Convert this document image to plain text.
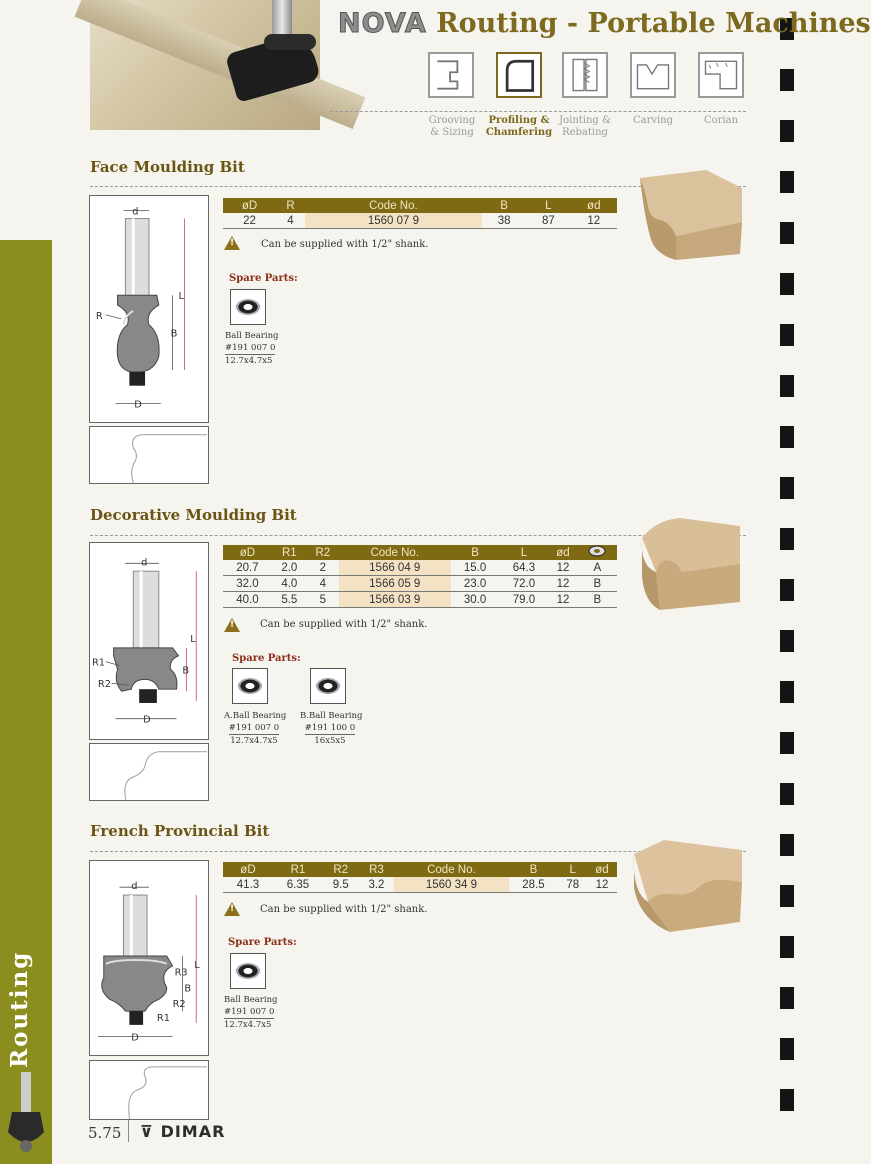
Routing
NOVA Routing - Portable Machines
Grooving
& Sizing
Profiling &
Chamfering
Jointing &
Rebating
Carving	Corian
Face Moulding Bit
d
L
B
R
D
øD	R	Code No.	B	L	ød
22	4	1560 07 9	38	87	12
!
Can be supplied with 1/2" shank.
Spare Parts:
Ball Bearing
#191 007 0
12.7x4.7x5
Decorative Moulding Bit
d
L
B
R1
R2
D
øD	R1	R2	Code No.	B	L	ød	
20.7	2.0	2	1566 04 9	15.0	64.3	12	A
32.0	4.0	4	1566 05 9	23.0	72.0	12	B
40.0	5.5	5	1566 03 9	30.0	79.0	12	B
!
Can be supplied with 1/2" shank.
Spare Parts:
A.Ball Bearing
#191 007 0
12.7x4.7x5
B.Ball Bearing
#191 100 0
16x5x5
French Provincial Bit
d
L
B
R3
R2
R1
D
øD	R1	R2	R3	Code No.	B	L	ød
41.3	6.35	9.5	3.2	1560 34 9	28.5	78	12
!
Can be supplied with 1/2" shank.
Spare Parts:
Ball Bearing
#191 007 0
12.7x4.7x5
5.75 ⊽ DIMAR
